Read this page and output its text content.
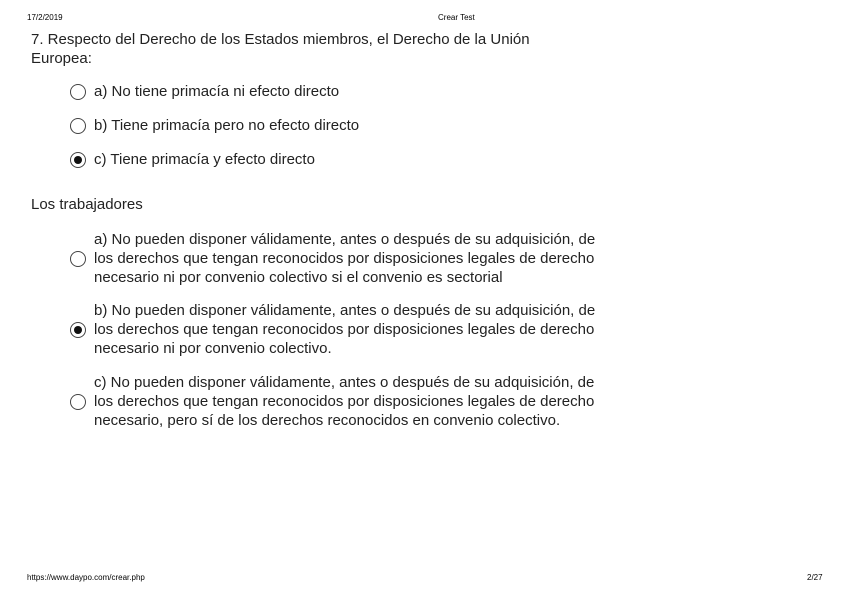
17/2/2019	Crear Test
7. Respecto del Derecho de los Estados miembros, el Derecho de la Unión Europea:
a) No tiene primacía ni efecto directo
b) Tiene primacía pero no efecto directo
c) Tiene primacía y efecto directo
Los trabajadores
a) No pueden disponer válidamente, antes o después de su adquisición, de los derechos que tengan reconocidos por disposiciones legales de derecho necesario ni por convenio colectivo si el convenio es sectorial
b) No pueden disponer válidamente, antes o después de su adquisición, de los derechos que tengan reconocidos por disposiciones legales de derecho necesario ni por convenio colectivo.
c) No pueden disponer válidamente, antes o después de su adquisición, de los derechos que tengan reconocidos por disposiciones legales de derecho necesario, pero sí de los derechos reconocidos en convenio colectivo.
https://www.daypo.com/crear.php	2/27
